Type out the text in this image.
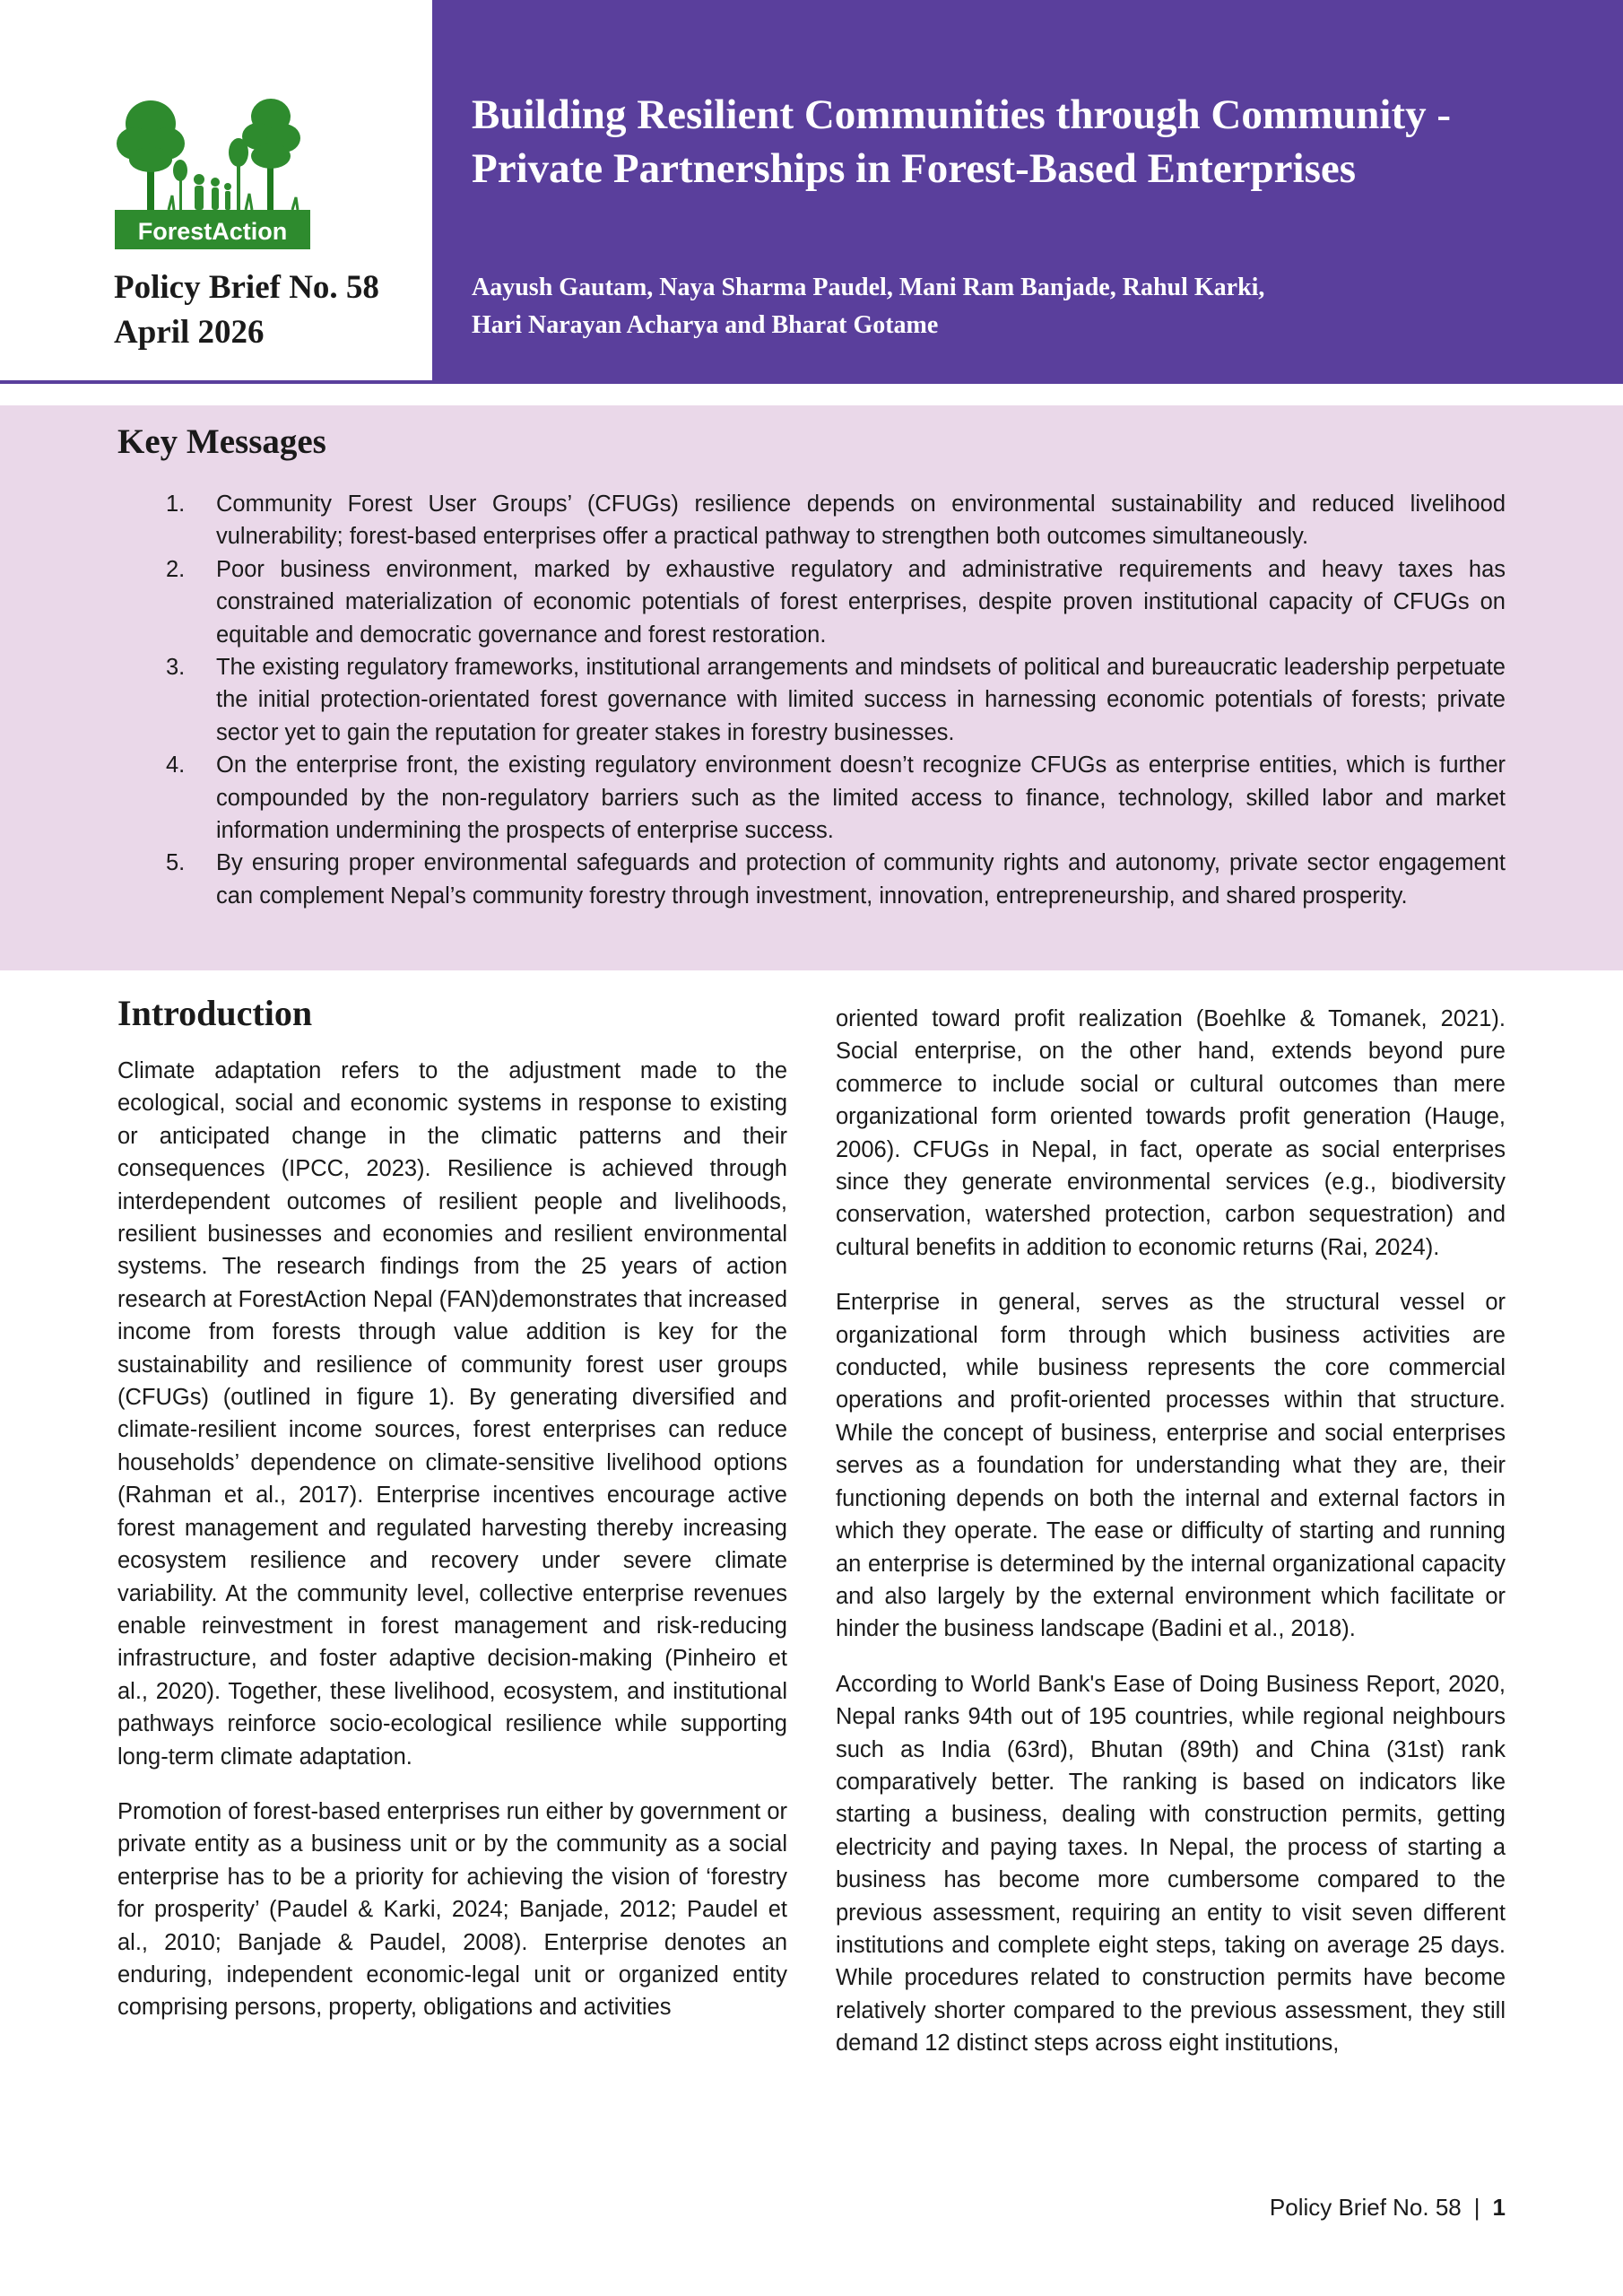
ForestAction
Policy Brief No. 58
April 2026
Building Resilient Communities through Community - Private Partnerships in Forest-Based Enterprises
Aayush Gautam, Naya Sharma Paudel, Mani Ram Banjade, Rahul Karki,
Hari Narayan Acharya and Bharat Gotame
Key Messages
1. Community Forest User Groups’ (CFUGs) resilience depends on environmental sustainability and reduced livelihood vulnerability; forest-based enterprises offer a practical pathway to strengthen both outcomes simultaneously.
2. Poor business environment, marked by exhaustive regulatory and administrative requirements and heavy taxes has constrained materialization of economic potentials of forest enterprises, despite proven institutional capacity of CFUGs on equitable and democratic governance and forest restoration.
3. The existing regulatory frameworks, institutional arrangements and mindsets of political and bureaucratic leadership perpetuate the initial protection-orientated forest governance with limited success in harnessing economic potentials of forests; private sector yet to gain the reputation for greater stakes in forestry businesses.
4. On the enterprise front, the existing regulatory environment doesn’t recognize CFUGs as enterprise entities, which is further compounded by the non-regulatory barriers such as the limited access to finance, technology, skilled labor and market information undermining the prospects of enterprise success.
5. By ensuring proper environmental safeguards and protection of community rights and autonomy, private sector engagement can complement Nepal’s community forestry through investment, innovation, entrepreneurship, and shared prosperity.
Introduction

Climate adaptation refers to the adjustment made to the ecological, social and economic systems in response to existing or anticipated change in the climatic patterns and their consequences (IPCC, 2023). Resilience is achieved through interdependent outcomes of resilient people and livelihoods, resilient businesses and economies and resilient environmental systems. The research findings from the 25 years of action research at ForestAction Nepal (FAN)demonstrates that increased income from forests through value addition is key for the sustainability and resilience of community forest user groups (CFUGs) (outlined in figure 1). By generating diversified and climate-resilient income sources, forest enterprises can reduce households’ dependence on climate-sensitive livelihood options (Rahman et al., 2017). Enterprise incentives encourage active forest management and regulated harvesting thereby increasing ecosystem resilience and recovery under severe climate variability. At the community level, collective enterprise revenues enable reinvestment in forest management and risk-reducing infrastructure, and foster adaptive decision-making (Pinheiro et al., 2020). Together, these livelihood, ecosystem, and institutional pathways reinforce socio-ecological resilience while supporting long-term climate adaptation.

Promotion of forest-based enterprises run either by government or private entity as a business unit or by the community as a social enterprise has to be a priority for achieving the vision of ‘forestry for prosperity’ (Paudel & Karki, 2024; Banjade, 2012; Paudel et al., 2010; Banjade & Paudel, 2008). Enterprise denotes an enduring, independent economic-legal unit or organized entity comprising persons, property, obligations and activities

oriented toward profit realization (Boehlke & Tomanek, 2021). Social enterprise, on the other hand, extends beyond pure commerce to include social or cultural outcomes than mere organizational form oriented towards profit generation (Hauge, 2006). CFUGs in Nepal, in fact, operate as social enterprises since they generate environmental services (e.g., biodiversity conservation, watershed protection, carbon sequestration) and cultural benefits in addition to economic returns (Rai, 2024).

Enterprise in general, serves as the structural vessel or organizational form through which business activities are conducted, while business represents the core commercial operations and profit-oriented processes within that structure. While the concept of business, enterprise and social enterprises serves as a foundation for understanding what they are, their functioning depends on both the internal and external factors in which they operate. The ease or difficulty of starting and running an enterprise is determined by the internal organizational capacity and also largely by the external environment which facilitate or hinder the business landscape (Badini et al., 2018).

According to World Bank's Ease of Doing Business Report, 2020, Nepal ranks 94th out of 195 countries, while regional neighbours such as India (63rd), Bhutan (89th) and China (31st) rank comparatively better. The ranking is based on indicators like starting a business, dealing with construction permits, getting electricity and paying taxes. In Nepal, the process of starting a business has become more cumbersome compared to the previous assessment, requiring an entity to visit seven different institutions and complete eight steps, taking on average 25 days. While procedures related to construction permits have become relatively shorter compared to the previous assessment, they still demand 12 distinct steps across eight institutions,

Policy Brief No. 58 | 1
